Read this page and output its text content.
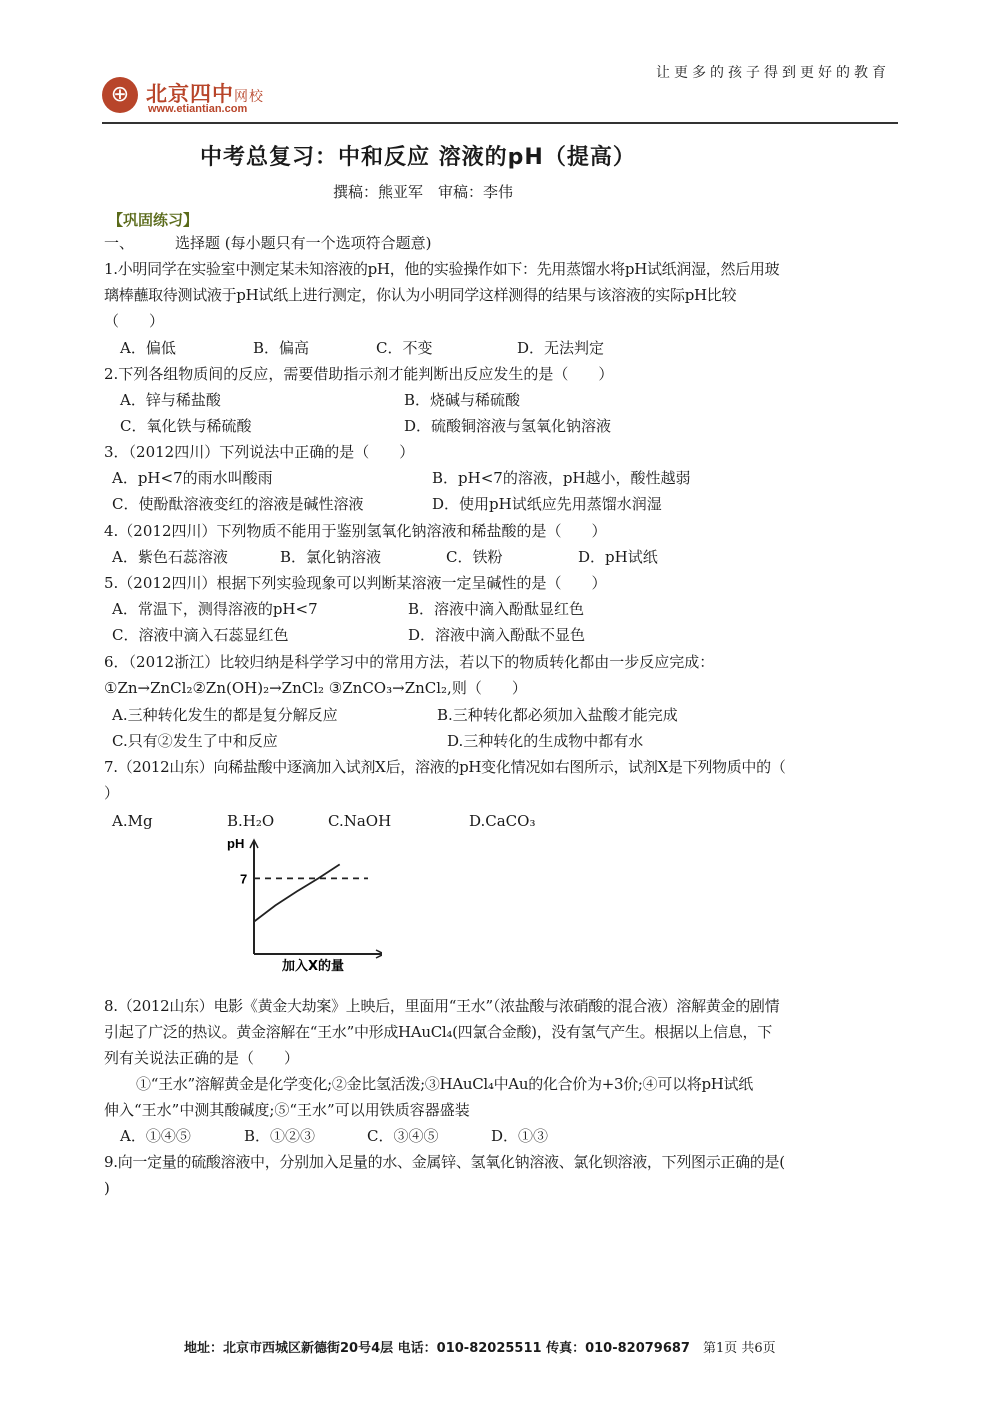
⊕ 北京四中网校
www.etiantian.com
让更多的孩子得到更好的教育
中考总复习：中和反应 溶液的pH（提高）
撰稿：熊亚军　审稿：李伟
【巩固练习】
一、	选择题 (每小题只有一个选项符合题意)
1.小明同学在实验室中测定某未知溶液的pH，他的实验操作如下：先用蒸馏水将pH试纸润湿，然后用玻
璃棒蘸取待测试液于pH试纸上进行测定，你认为小明同学这样测得的结果与该溶液的实际pH比较
（　　）
A．偏低	B．偏高	C．不变	D．无法判定
2.下列各组物质间的反应，需要借助指示剂才能判断出反应发生的是（　　）
A．锌与稀盐酸	B．烧碱与稀硫酸
C．氧化铁与稀硫酸	D．硫酸铜溶液与氢氧化钠溶液
3．（2012四川）下列说法中正确的是（　　）
A．pH<7的雨水叫酸雨	B．pH<7的溶液，pH越小，酸性越弱
C．使酚酞溶液变红的溶液是碱性溶液	D．使用pH试纸应先用蒸馏水润湿
4.（2012四川）下列物质不能用于鉴别氢氧化钠溶液和稀盐酸的是（　　）
A．紫色石蕊溶液	B．氯化钠溶液	C．铁粉	D．pH试纸
5.（2012四川）根据下列实验现象可以判断某溶液一定呈碱性的是（　　）
A．常温下，测得溶液的pH<7	B．溶液中滴入酚酞显红色
C．溶液中滴入石蕊显红色	D．溶液中滴入酚酞不显色
6．（2012浙江）比较归纳是科学学习中的常用方法，若以下的物质转化都由一步反应完成：
①Zn→ZnCl₂②Zn(OH)₂→ZnCl₂ ③ZnCO₃→ZnCl₂,则（　　）
A.三种转化发生的都是复分解反应	B.三种转化都必须加入盐酸才能完成
C.只有②发生了中和反应	D.三种转化的生成物中都有水
7.（2012山东）向稀盐酸中逐滴加入试剂X后，溶液的pH变化情况如右图所示，试剂X是下列物质中的（
）
A.Mg	B.H₂O	C.NaOH	D.CaCO₃
pH
7
加入X的量
8.（2012山东）电影《黄金大劫案》上映后，里面用“王水”（浓盐酸与浓硝酸的混合液）溶解黄金的剧情
引起了广泛的热议。黄金溶解在“王水”中形成HAuCl₄(四氯合金酸)，没有氢气产生。根据以上信息，下
列有关说法正确的是（　　）
①“王水”溶解黄金是化学变化;②金比氢活泼;③HAuCl₄中Au的化合价为+3价;④可以将pH试纸
伸入“王水”中测其酸碱度;⑤“王水”可以用铁质容器盛装
A．①④⑤	B．①②③	C．③④⑤	D．①③
9.向一定量的硫酸溶液中，分别加入足量的水、金属锌、氢氧化钠溶液、氯化钡溶液，下列图示正确的是(
)
地址：北京市西城区新德街20号4层 电话：010-82025511 传真：010-82079687　 第1页 共6页
